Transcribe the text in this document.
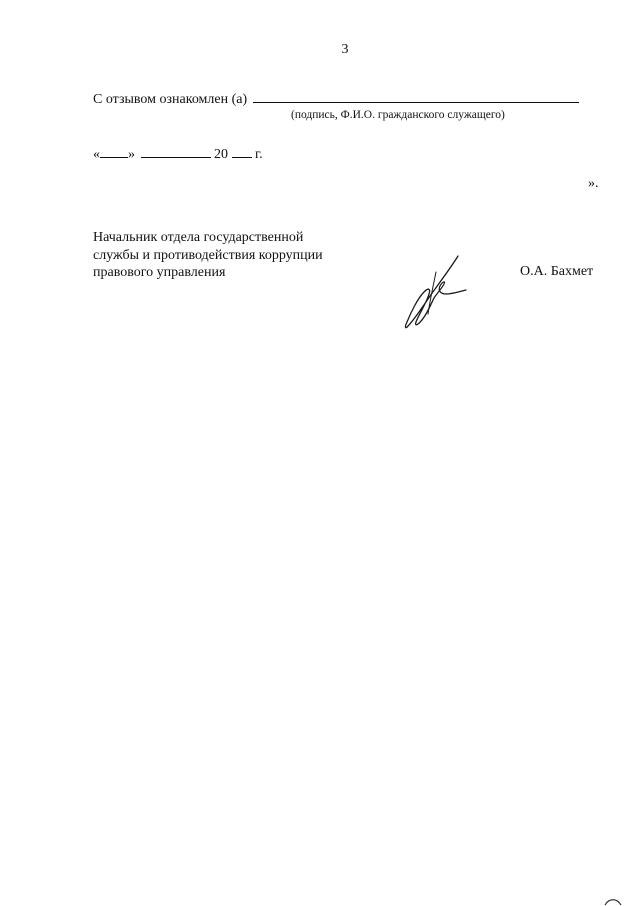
3
С отзывом ознакомлен (а)
(подпись, Ф.И.О. гражданского служащего)
« »	20 г.
».
Начальник отдела государственной
службы и противодействия коррупции
правового управления	О.А. Бахмет
